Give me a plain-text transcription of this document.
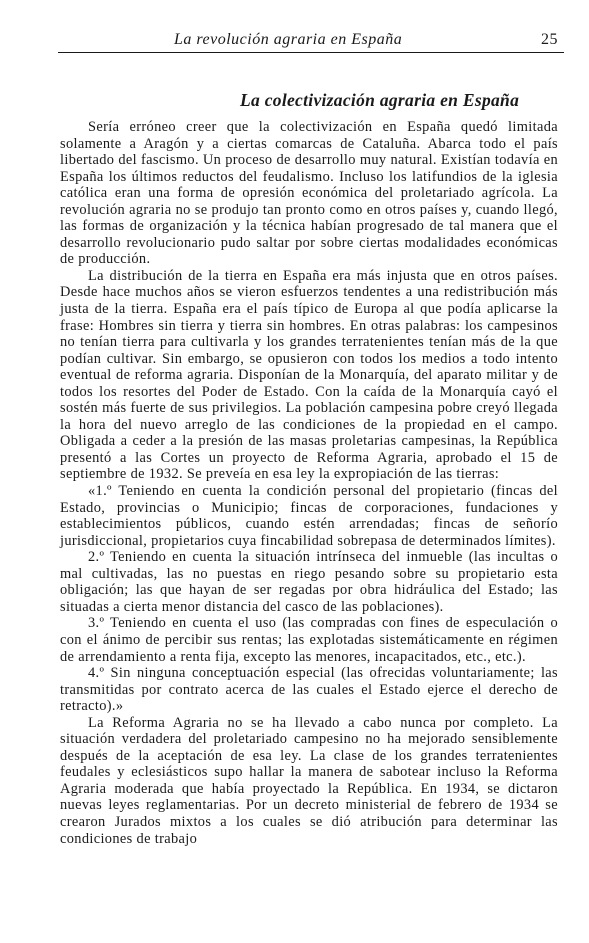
La revolución agraria en España	25
La colectivización agraria en España

Sería erróneo creer que la colectivización en España quedó limitada solamente a Aragón y a ciertas comarcas de Cataluña. Abarca todo el país libertado del fascismo. Un proceso de desarrollo muy natural. Existían todavía en España los últimos reductos del feudalismo. Incluso los latifundios de la iglesia católica eran una forma de opresión económica del proletariado agrícola. La revolución agraria no se produjo tan pronto como en otros países y, cuando llegó, las formas de organización y la técnica habían progresado de tal manera que el desarrollo revolucionario pudo saltar por sobre ciertas modalidades económicas de producción.

La distribución de la tierra en España era más injusta que en otros países. Desde hace muchos años se vieron esfuerzos tendentes a una redistribución más justa de la tierra. España era el país típico de Europa al que podía aplicarse la frase: Hombres sin tierra y tierra sin hombres. En otras palabras: los campesinos no tenían tierra para cultivarla y los grandes terratenientes tenían más de la que podían cultivar. Sin embargo, se opusieron con todos los medios a todo intento eventual de reforma agraria. Disponían de la Monarquía, del aparato militar y de todos los resortes del Poder de Estado. Con la caída de la Monarquía cayó el sostén más fuerte de sus privilegios. La población campesina pobre creyó llegada la hora del nuevo arreglo de las condiciones de la propiedad en el campo. Obligada a ceder a la presión de las masas proletarias campesinas, la República presentó a las Cortes un proyecto de Reforma Agraria, aprobado el 15 de septiembre de 1932. Se preveía en esa ley la expropiación de las tierras:

«1.º Teniendo en cuenta la condición personal del propietario (fincas del Estado, provincias o Municipio; fincas de corporaciones, fundaciones y establecimientos públicos, cuando estén arrendadas; fincas de señorío jurisdiccional, propietarios cuya fincabilidad sobrepasa de determinados límites).

2.º Teniendo en cuenta la situación intrínseca del inmueble (las incultas o mal cultivadas, las no puestas en riego pesando sobre su propietario esta obligación; las que hayan de ser regadas por obra hidráulica del Estado; las situadas a cierta menor distancia del casco de las poblaciones).

3.º Teniendo en cuenta el uso (las compradas con fines de especulación o con el ánimo de percibir sus rentas; las explotadas sistemáticamente en régimen de arrendamiento a renta fija, excepto las menores, incapacitados, etc., etc.).

4.º Sin ninguna conceptuación especial (las ofrecidas voluntariamente; las transmitidas por contrato acerca de las cuales el Estado ejerce el derecho de retracto).»

La Reforma Agraria no se ha llevado a cabo nunca por completo. La situación verdadera del proletariado campesino no ha mejorado sensiblemente después de la aceptación de esa ley. La clase de los grandes terratenientes feudales y eclesiásticos supo hallar la manera de sabotear incluso la Reforma Agraria moderada que había proyectado la República. En 1934, se dictaron nuevas leyes reglamentarias. Por un decreto ministerial de febrero de 1934 se crearon Jurados mixtos a los cuales se dió atribución para determinar las condiciones de trabajo
